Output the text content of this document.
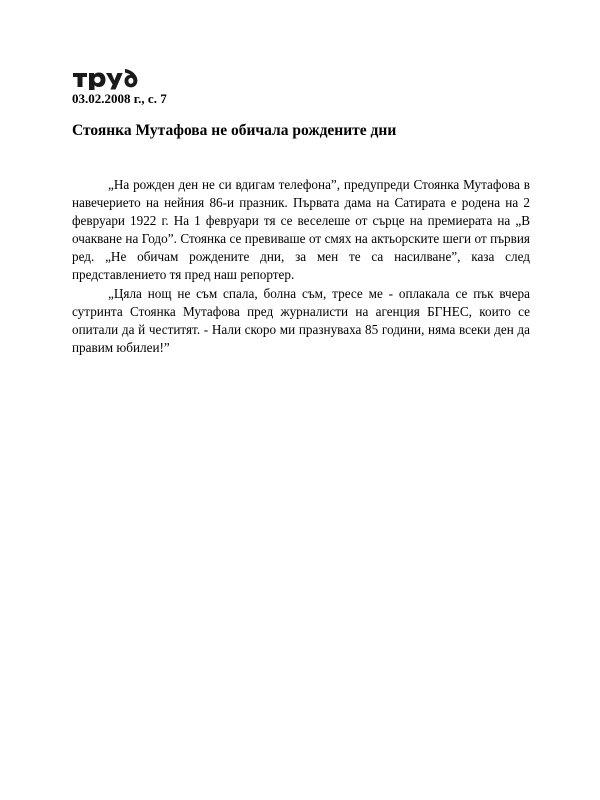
03.02.2008 г., с. 7
Стоянка Мутафова не обичала рождените дни

„На рожден ден не си вдигам телефона”, предупреди Стоянка Мутафова в навечерието на нейния 86-и празник. Първата дама на Сатирата е родена на 2 февруари 1922 г. На 1 февруари тя се веселеше от сърце на премиерата на „В очакване на Годо”. Стоянка се превиваше от смях на актьорските шеги от първия ред. „Не обичам рождените дни, за мен те са насилване”, каза след представлението тя пред наш репортер.

„Цяла нощ не съм спала, болна съм, тресе ме - оплакала се пък вчера сутринта Стоянка Мутафова пред журналисти на агенция БГНЕС, които се опитали да й честитят. - Нали скоро ми празнуваха 85 години, няма всеки ден да правим юбилеи!”
